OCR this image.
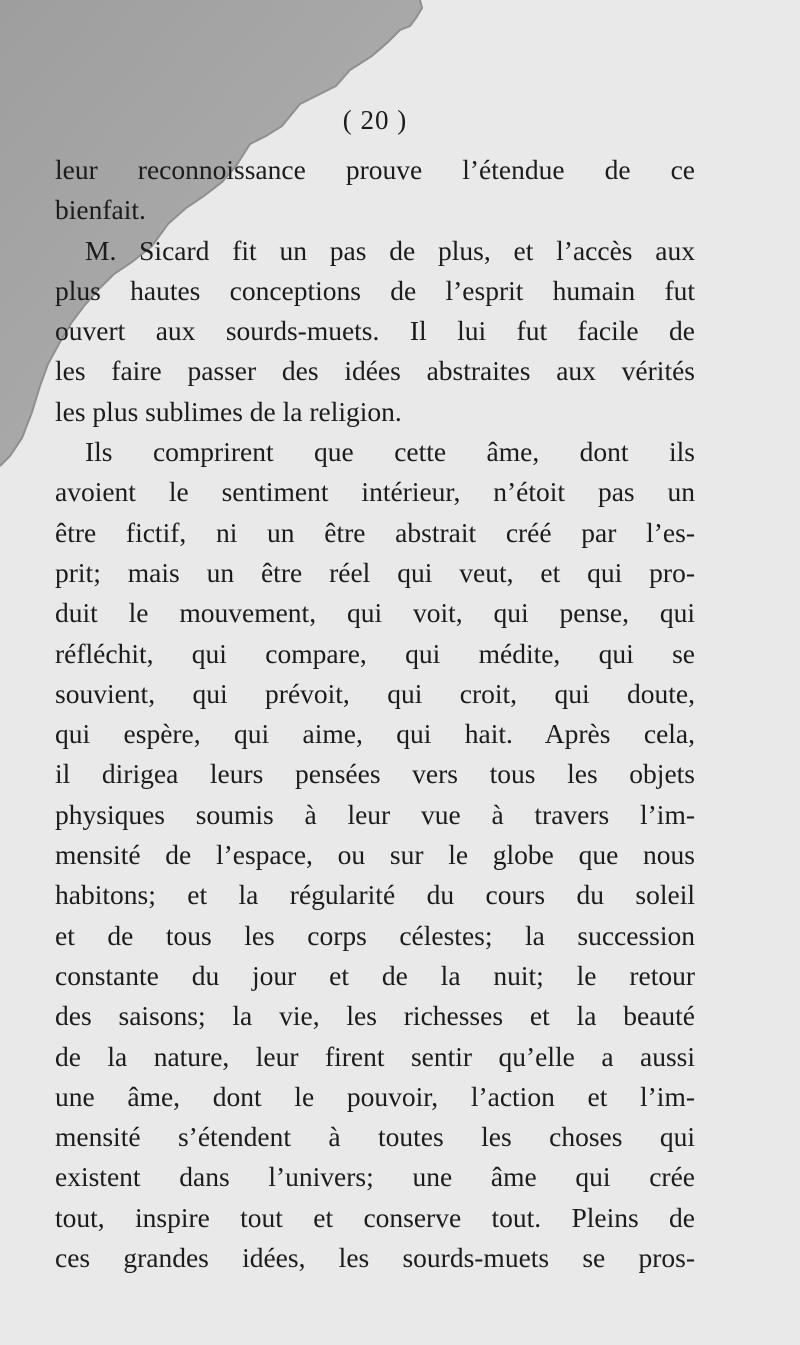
( 20 )
leur reconnoissance prouve l’étendue de ce
bienfait.
M. Sicard fit un pas de plus, et l’accès aux
plus hautes conceptions de l’esprit humain fut
ouvert aux sourds-muets. Il lui fut facile de
les faire passer des idées abstraites aux vérités
les plus sublimes de la religion.
Ils comprirent que cette âme, dont ils
avoient le sentiment intérieur, n’étoit pas un
être fictif, ni un être abstrait créé par l’es-
prit; mais un être réel qui veut, et qui pro-
duit le mouvement, qui voit, qui pense, qui
réfléchit, qui compare, qui médite, qui se
souvient, qui prévoit, qui croit, qui doute,
qui espère, qui aime, qui hait. Après cela,
il dirigea leurs pensées vers tous les objets
physiques soumis à leur vue à travers l’im-
mensité de l’espace, ou sur le globe que nous
habitons; et la régularité du cours du soleil
et de tous les corps célestes; la succession
constante du jour et de la nuit; le retour
des saisons; la vie, les richesses et la beauté
de la nature, leur firent sentir qu’elle a aussi
une âme, dont le pouvoir, l’action et l’im-
mensité s’étendent à toutes les choses qui
existent dans l’univers; une âme qui crée
tout, inspire tout et conserve tout. Pleins de
ces grandes idées, les sourds-muets se pros-
